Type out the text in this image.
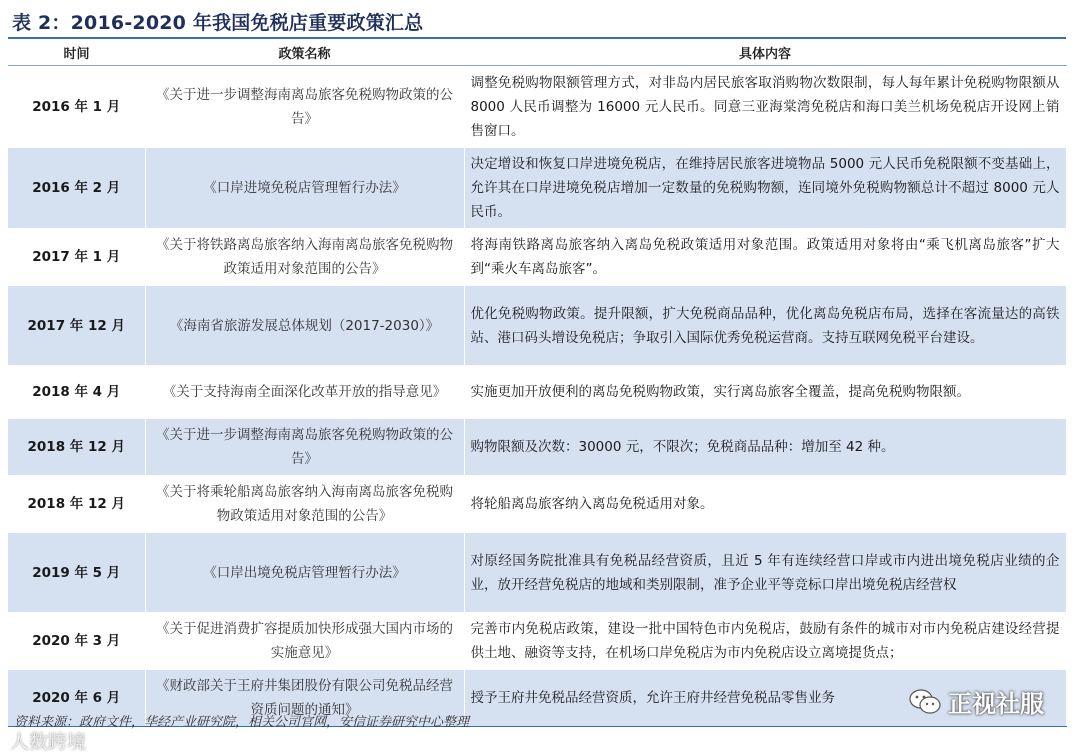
表 2：2016-2020 年我国免税店重要政策汇总
时间	政策名称	具体内容
2016 年 1 月	《关于进一步调整海南离岛旅客免税购物政策的公告》	调整免税购物限额管理方式，对非岛内居民旅客取消购物次数限制，每人每年累计免税购物限额从 8000 人民币调整为 16000 元人民币。同意三亚海棠湾免税店和海口美兰机场免税店开设网上销售窗口。
2016 年 2 月	《口岸进境免税店管理暂行办法》	决定增设和恢复口岸进境免税店，在维持居民旅客进境物品 5000 元人民币免税限额不变基础上，允许其在口岸进境免税店增加一定数量的免税购物额，连同境外免税购物额总计不超过 8000 元人民币。
2017 年 1 月	《关于将铁路离岛旅客纳入海南离岛旅客免税购物政策适用对象范围的公告》	将海南铁路离岛旅客纳入离岛免税政策适用对象范围。政策适用对象将由“乘飞机离岛旅客”扩大到“乘火车离岛旅客”。
2017 年 12 月	《海南省旅游发展总体规划（2017-2030）》	优化免税购物政策。提升限额，扩大免税商品品种，优化离岛免税店布局，选择在客流量达的高铁站、港口码头增设免税店；争取引入国际优秀免税运营商。支持互联网免税平台建设。
2018 年 4 月	《关于支持海南全面深化改革开放的指导意见》	实施更加开放便利的离岛免税购物政策，实行离岛旅客全覆盖，提高免税购物限额。
2018 年 12 月	《关于进一步调整海南离岛旅客免税购物政策的公告》	购物限额及次数：30000 元，不限次；免税商品品种：增加至 42 种。
2018 年 12 月	《关于将乘轮船离岛旅客纳入海南离岛旅客免税购物政策适用对象范围的公告》	将轮船离岛旅客纳入离岛免税适用对象。
2019 年 5 月	《口岸出境免税店管理暂行办法》	对原经国务院批准具有免税品经营资质，且近 5 年有连续经营口岸或市内进出境免税店业绩的企业，放开经营免税店的地域和类别限制，准予企业平等竞标口岸出境免税店经营权
2020 年 3 月	《关于促进消费扩容提质加快形成强大国内市场的实施意见》	完善市内免税店政策，建设一批中国特色市内免税店，鼓励有条件的城市对市内免税店建设经营提供土地、融资等支持，在机场口岸免税店为市内免税店设立离境提货点；
2020 年 6 月	《财政部关于王府井集团股份有限公司免税品经营资质问题的通知》	授予王府井免税品经营资质，允许王府井经营免税品零售业务
资料来源：政府文件，华经产业研究院，相关公司官网，安信证券研究中心整理
正视社服
人数跨境
